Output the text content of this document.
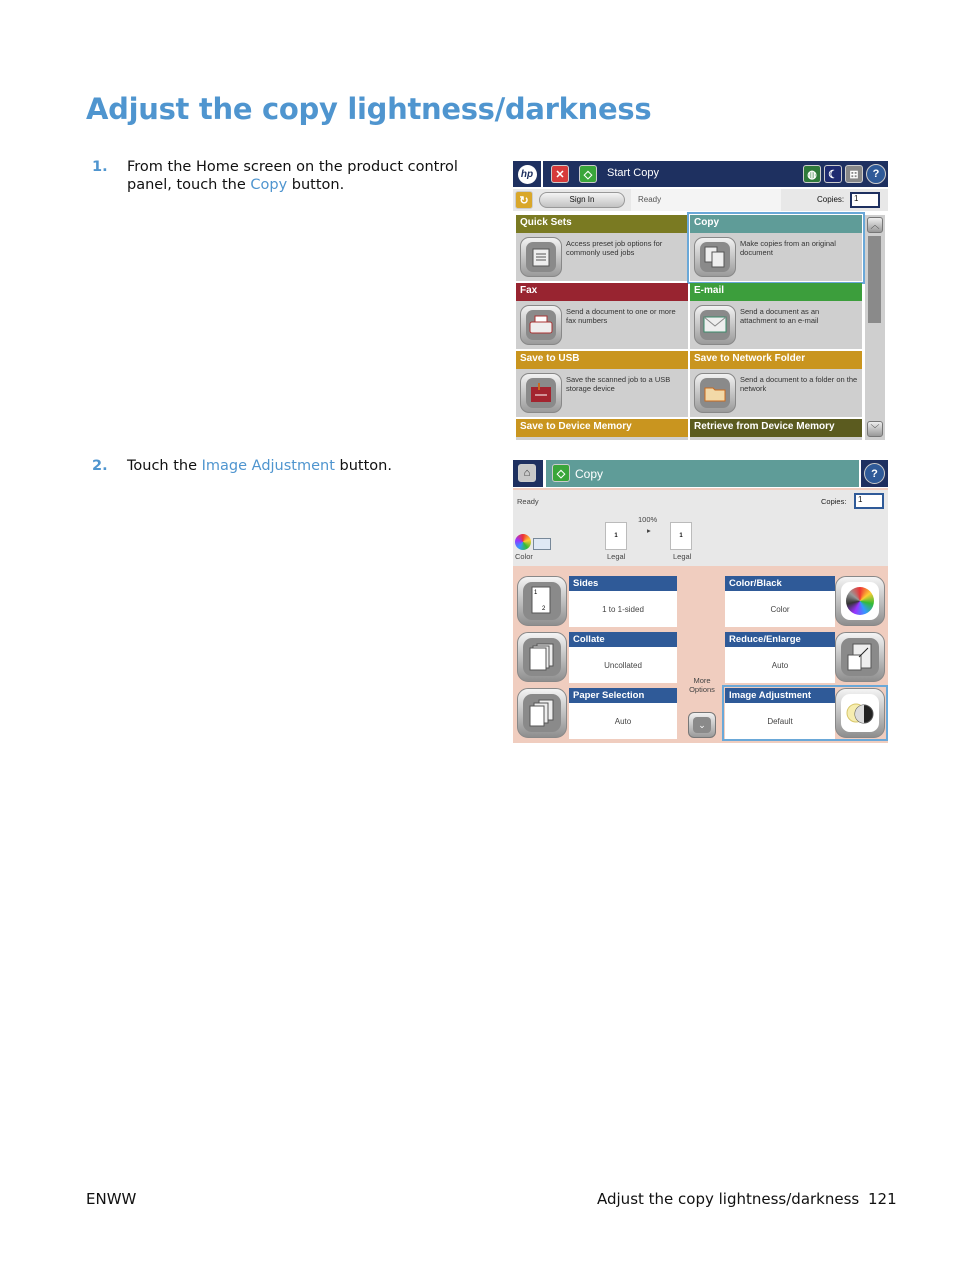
Adjust the copy lightness/darkness
1. From the Home screen on the product control panel, touch the Copy button.
2. Touch the Image Adjustment button.
hp	✕	◇	Start Copy	◍	☾	⊞	?
↻	Sign In	Ready	Copies:	1
Quick Sets
Access preset job options for commonly used jobs
Copy
Make copies from an original document
Fax
Send a document to one or more fax numbers
E-mail
Send a document as an attachment to an e-mail
Save to USB
Save the scanned job to a USB storage device
Save to Network Folder
Send a document to a folder on the network
Save to Device Memory	Retrieve from Device Memory
︿
﹀
⌂	◇ Copy	?
Ready	Copies:	1
100%
▸
1
Legal
1
Legal
Color
1
2
Sides
1 to 1-sided
Collate
Uncollated
Paper Selection
Auto
Color/Black
Color
Reduce/Enlarge
Auto
Image Adjustment
Default
More Options
⌄
ENWW	Adjust the copy lightness/darkness 121
